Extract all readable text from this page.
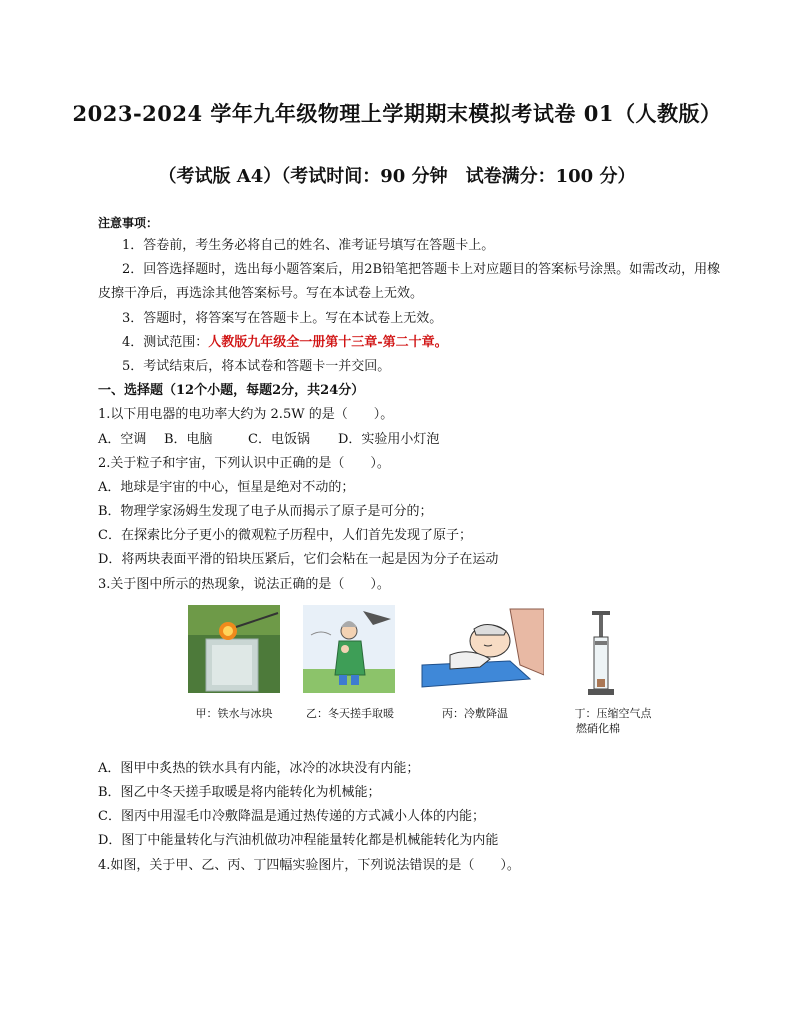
2023-2024 学年九年级物理上学期期末模拟考试卷 01（人教版）
（考试版 A4）（考试时间：90 分钟　试卷满分：100 分）
注意事项：
1．答卷前，考生务必将自己的姓名、准考证号填写在答题卡上。
2．回答选择题时，选出每小题答案后，用2B铅笔把答题卡上对应题目的答案标号涂黑。如需改动，用橡
皮擦干净后，再选涂其他答案标号。写在本试卷上无效。
3．答题时，将答案写在答题卡上。写在本试卷上无效。
4．测试范围：人教版九年级全一册第十三章-第二十章。
5．考试结束后，将本试卷和答题卡一并交回。
一、选择题（12个小题，每题2分，共24分）
1.以下用电器的电功率大约为 2.5W 的是（　　）。
A．空调 B．电脑	C．电饭锅 D．实验用小灯泡
2.关于粒子和宇宙，下列认识中正确的是（　　）。
A．地球是宇宙的中心，恒星是绝对不动的；
B．物理学家汤姆生发现了电子从而揭示了原子是可分的；
C．在探索比分子更小的微观粒子历程中，人们首先发现了原子；
D．将两块表面平滑的铅块压紧后，它们会粘在一起是因为分子在运动
3.关于图中所示的热现象，说法正确的是（　　）。
甲：铁水与冰块	乙：冬天搓手取暖	丙：冷敷降温	丁：压缩空气点
燃硝化棉
A．图甲中炙热的铁水具有内能，冰冷的冰块没有内能；
B．图乙中冬天搓手取暖是将内能转化为机械能；
C．图丙中用湿毛巾冷敷降温是通过热传递的方式减小人体的内能；
D．图丁中能量转化与汽油机做功冲程能量转化都是机械能转化为内能
4.如图，关于甲、乙、丙、丁四幅实验图片，下列说法错误的是（　　）。
